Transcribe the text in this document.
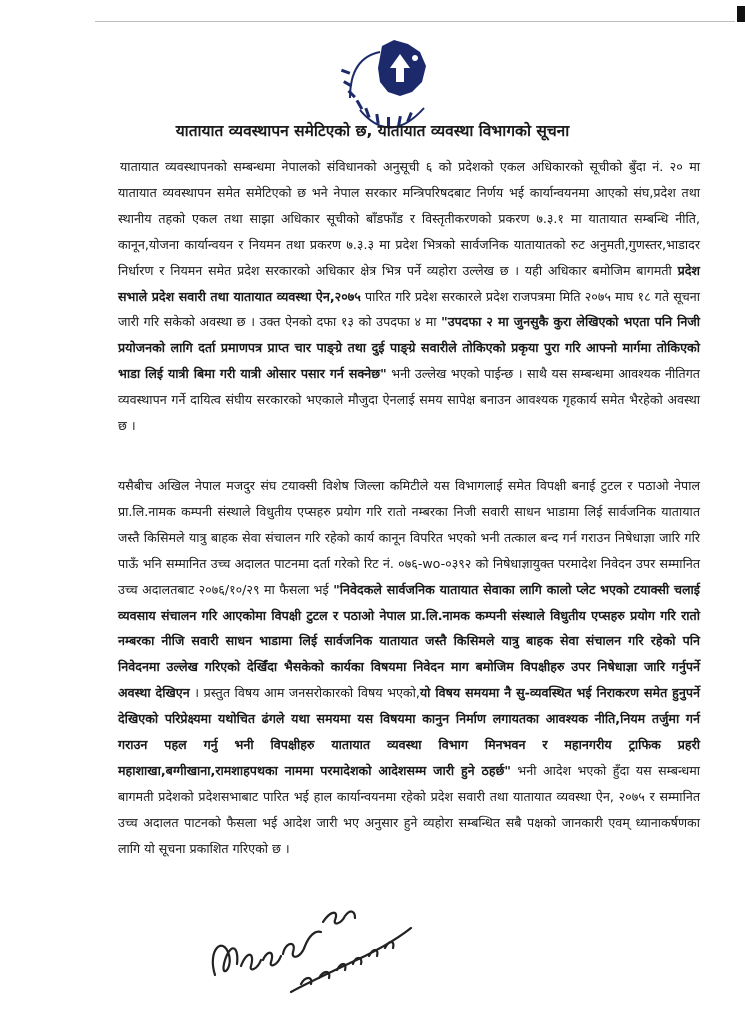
यातायात व्यवस्थापन समेटिएको छ, यातायात व्यवस्था विभागको सूचना

यातायात व्यवस्थापनको सम्बन्धमा नेपालको संविधानको अनुसूची ६ को प्रदेशको एकल अधिकारको सूचीको बुँदा नं. २० मा यातायात व्यवस्थापन समेत समेटिएको छ भने नेपाल सरकार मन्त्रिपरिषदबाट निर्णय भई कार्यान्वयनमा आएको संघ,प्रदेश तथा स्थानीय तहको एकल तथा साझा अधिकार सूचीको बाँडफाँड र विस्तृतीकरणको प्रकरण ७.३.१ मा यातायात सम्बन्धि नीति, कानून,योजना कार्यान्वयन र नियमन तथा प्रकरण ७.३.३ मा प्रदेश भित्रको सार्वजनिक यातायातको रुट अनुमती,गुणस्तर,भाडादर निर्धारण र नियमन समेत प्रदेश सरकारको अधिकार क्षेत्र भित्र पर्ने व्यहोरा उल्लेख छ । यही अधिकार बमोजिम बागमती प्रदेश सभाले प्रदेश सवारी तथा यातायात व्यवस्था ऐन,२०७५ पारित गरि प्रदेश सरकारले प्रदेश राजपत्रमा मिति २०७५ माघ १८ गते सूचना जारी गरि सकेको अवस्था छ । उक्त ऐनको दफा १३ को उपदफा ४ मा "उपदफा २ मा जुनसुकै कुरा लेखिएको भएता पनि निजी प्रयोजनको लागि दर्ता प्रमाणपत्र प्राप्त चार पाङ्ग्रे तथा दुई पाङ्ग्रे सवारीले तोकिएको प्रकृया पुरा गरि आफ्नो मार्गमा तोकिएको भाडा लिई यात्री बिमा गरी यात्री ओसार पसार गर्न सक्नेछ" भनी उल्लेख भएको पाईन्छ । साथै यस सम्बन्धमा आवश्यक नीतिगत व्यवस्थापन गर्ने दायित्व संघीय सरकारको भएकाले मौजुदा ऐनलाई समय सापेक्ष बनाउन आवश्यक गृहकार्य समेत भैरहेको अवस्था छ ।

यसैबीच अखिल नेपाल मजदुर संघ टयाक्सी विशेष जिल्ला कमिटीले यस विभागलाई समेत विपक्षी बनाई टुटल र पठाओ नेपाल प्रा.लि.नामक कम्पनी संस्थाले विधुतीय एप्सहरु प्रयोग गरि रातो नम्बरका निजी सवारी साधन भाडामा लिई सार्वजनिक यातायात जस्तै किसिमले यात्रु बाहक सेवा संचालन गरि रहेको कार्य कानून विपरित भएको भनी तत्काल बन्द गर्न गराउन निषेधाज्ञा जारि गरि पाऊँ भनि सम्मानित उच्च अदालत पाटनमा दर्ता गरेको रिट नं. ०७६-wo-०३९२ को निषेधाज्ञायुक्त परमादेश निवेदन उपर सम्मानित उच्च अदालतबाट २०७६/१०/२९ मा फैसला भई "निवेदकले सार्वजनिक यातायात सेवाका लागि कालो प्लेट भएको टयाक्सी चलाई व्यवसाय संचालन गरि आएकोमा विपक्षी टुटल र पठाओ नेपाल प्रा.लि.नामक कम्पनी संस्थाले विधुतीय एप्सहरु प्रयोग गरि रातो नम्बरका नीजि सवारी साधन भाडामा लिई सार्वजनिक यातायात जस्तै किसिमले यात्रु बाहक सेवा संचालन गरि रहेको पनि निवेदनमा उल्लेख गरिएको देखिँदा भैसकेको कार्यका विषयमा निवेदन माग बमोजिम विपक्षीहरु उपर निषेधाज्ञा जारि गर्नुपर्ने अवस्था देखिएन । प्रस्तुत विषय आम जनसरोकारको विषय भएको,यो विषय समयमा नै सु-व्यवस्थित भई निराकरण समेत हुनुपर्ने देखिएको परिप्रेक्ष्यमा यथोचित ढंगले यथा समयमा यस विषयमा कानुन निर्माण लगायतका आवश्यक नीति,नियम तर्जुमा गर्न गराउन पहल गर्नु भनी विपक्षीहरु यातायात व्यवस्था विभाग मिनभवन र महानगरीय ट्राफिक प्रहरी महाशाखा,बग्गीखाना,रामशाहपथका नाममा परमादेशको आदेशसम्म जारी हुने ठहर्छ" भनी आदेश भएको हुँदा यस सम्बन्धमा बागमती प्रदेशको प्रदेशसभाबाट पारित भई हाल कार्यान्वयनमा रहेको प्रदेश सवारी तथा यातायात व्यवस्था ऐन, २०७५ र सम्मानित उच्च अदालत पाटनको फैसला भई आदेश जारी भए अनुसार हुने व्यहोरा सम्बन्धित सबै पक्षको जानकारी एवम् ध्यानाकर्षणका लागि यो सूचना प्रकाशित गरिएको छ ।
